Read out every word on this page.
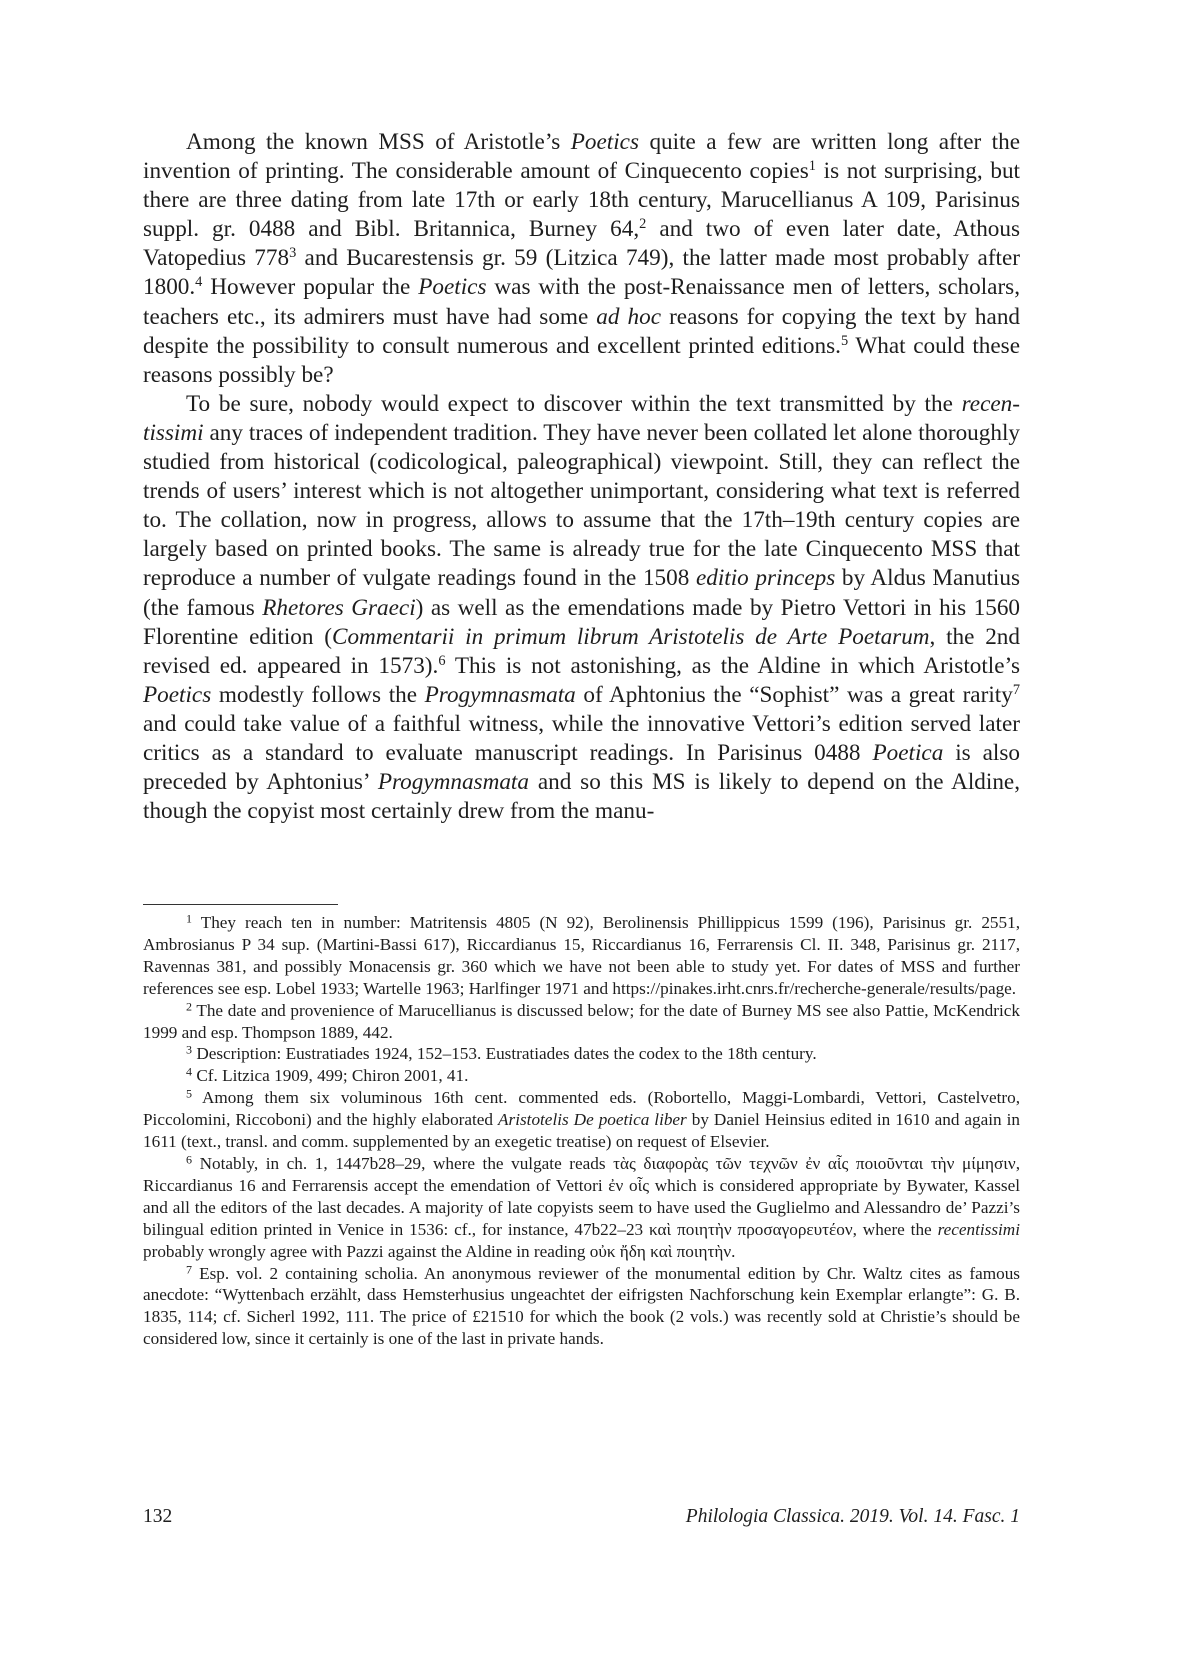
Among the known MSS of Aristotle’s Poetics quite a few are written long after the invention of printing. The considerable amount of Cinquecento copies$^1$ is not surprising, but there are three dating from late 17th or early 18th century, Marucellianus A 109, Parisinus suppl. gr. 0488 and Bibl. Britannica, Burney 64,$^2$ and two of even later date, Athous Vatopedius $778^3$ and Bucarestensis gr. 59 (Litzica 749), the latter made most probably after 1800.$^4$ However popular the Poetics was with the post-Renaissance men of letters, scholars, teachers etc., its admirers must have had some ad hoc reasons for copying the text by hand despite the possibility to consult numerous and excellent printed editions.$^5$ What could these reasons possibly be?

To be sure, nobody would expect to discover within the text transmitted by the recentissimi any traces of independent tradition. They have never been collated let alone thoroughly studied from historical (codicological, paleographical) viewpoint. Still, they can reflect the trends of users’ interest which is not altogether unimportant, considering what text is referred to. The collation, now in progress, allows to assume that the 17th–19th century copies are largely based on printed books. The same is already true for the late Cinquecento MSS that reproduce a number of vulgate readings found in the 1508 editio princeps by Aldus Manutius (the famous Rhetores Graeci) as well as the emendations made by Pietro Vettori in his 1560 Florentine edition (Commentarii in primum librum Aristotelis de Arte Poetarum, the 2nd revised ed. appeared in 1573).$^6$ This is not astonishing, as the Aldine in which Aristotle’s Poetics modestly follows the Progymnasmata of Aphtonius the “Sophist” was a great rarity$^7$ and could take value of a faithful witness, while the innovative Vettori’s edition served later critics as a standard to evaluate manuscript readings. In Parisinus 0488 Poetica is also preceded by Aphtonius’ Progymnasmata and so this MS is likely to depend on the Aldine, though the copyist most certainly drew from the manu-

$^1$ They reach ten in number: Matritensis 4805 (N 92), Berolinensis Phillippicus 1599 (196), Parisinus gr. 2551, Ambrosianus P 34 sup. (Martini-Bassi 617), Riccardianus 15, Riccardianus 16, Ferrarensis Cl. II. 348, Parisinus gr. 2117, Ravennas 381, and possibly Monacensis gr. 360 which we have not been able to study yet. For dates of MSS and further references see esp. Lobel 1933; Wartelle 1963; Harlfinger 1971 and https://pinakes.irht.cnrs.fr/recherche-generale/results/page.

$^2$ The date and provenience of Marucellianus is discussed below; for the date of Burney MS see also Pattie, McKendrick 1999 and esp. Thompson 1889, 442.

$^3$ Description: Eustratiades 1924, 152–153. Eustratiades dates the codex to the 18th century.

$^4$ Cf. Litzica 1909, 499; Chiron 2001, 41.

$^5$ Among them six voluminous 16th cent. commented eds. (Robortello, Maggi-Lombardi, Vettori, Castelvetro, Piccolomini, Riccoboni) and the highly elaborated Aristotelis De poetica liber by Daniel Heinsius edited in 1610 and again in 1611 (text., transl. and comm. supplemented by an exegetic treatise) on request of Elsevier.

$^6$ Notably, in ch. 1, 1447b28–29, where the vulgate reads τὰς διαφορὰς τῶν τεχνῶν ἐν αἷς ποιοῦνται τὴν μίμησιν, Riccardianus 16 and Ferrarensis accept the emendation of Vettori ἐν οἷς which is considered appropriate by Bywater, Kassel and all the editors of the last decades. A majority of late copyists seem to have used the Guglielmo and Alessandro de’ Pazzi’s bilingual edition printed in Venice in 1536: cf., for instance, 47b22–23 καὶ ποιητὴν προσαγορευτέον, where the recentissimi probably wrongly agree with Pazzi against the Aldine in reading οὐκ ἤδη καὶ ποιητὴν.

$^7$ Esp. vol. 2 containing scholia. An anonymous reviewer of the monumental edition by Chr. Waltz cites as famous anecdote: “Wyttenbach erzählt, dass Hemsterhusius ungeachtet der eifrigsten Nachforschung kein Exemplar erlangte”: G. B. 1835, 114; cf. Sicherl 1992, 111. The price of £21510 for which the book (2 vols.) was recently sold at Christie’s should be considered low, since it certainly is one of the last in private hands.

132	Philologia Classica. 2019. Vol. 14. Fasc. 1
